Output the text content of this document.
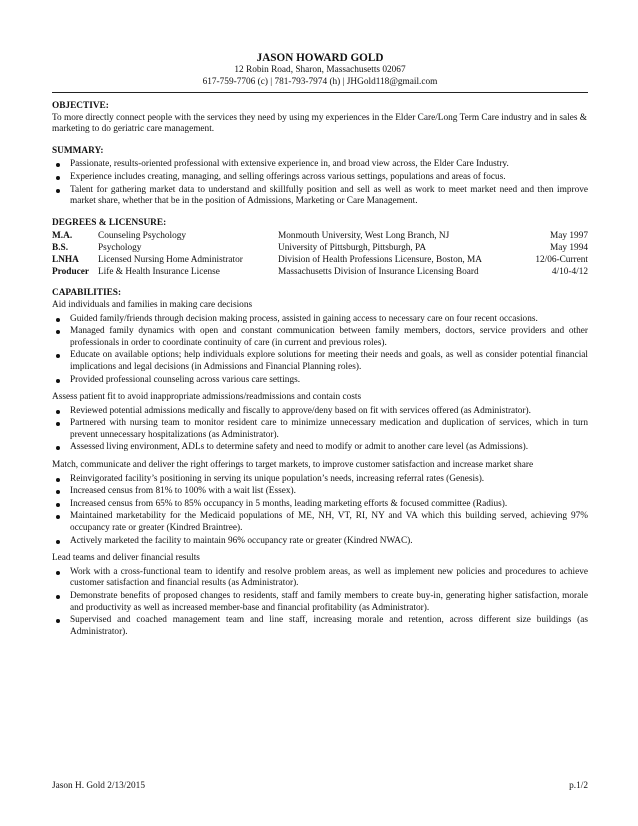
JASON HOWARD GOLD
12 Robin Road, Sharon, Massachusetts 02067
617-759-7706 (c) | 781-793-7974 (h) | JHGold118@gmail.com
OBJECTIVE:
To more directly connect people with the services they need by using my experiences in the Elder Care/Long Term Care industry and in sales & marketing to do geriatric care management.
SUMMARY:
Passionate, results-oriented professional with extensive experience in, and broad view across, the Elder Care Industry.
Experience includes creating, managing, and selling offerings across various settings, populations and areas of focus.
Talent for gathering market data to understand and skillfully position and sell as well as work to meet market need and then improve market share, whether that be in the position of Admissions, Marketing or Care Management.
DEGREES & LICENSURE:
M.A.	Counseling Psychology	Monmouth University, West Long Branch, NJ	May 1997
B.S.	Psychology	University of Pittsburgh, Pittsburgh, PA	May 1994
LNHA	Licensed Nursing Home Administrator	Division of Health Professions Licensure, Boston, MA	12/06-Current
Producer	Life & Health Insurance License	Massachusetts Division of Insurance Licensing Board	4/10-4/12
CAPABILITIES:
Aid individuals and families in making care decisions
Guided family/friends through decision making process, assisted in gaining access to necessary care on four recent occasions.
Managed family dynamics with open and constant communication between family members, doctors, service providers and other professionals in order to coordinate continuity of care (in current and previous roles).
Educate on available options; help individuals explore solutions for meeting their needs and goals, as well as consider potential financial implications and legal decisions (in Admissions and Financial Planning roles).
Provided professional counseling across various care settings.
Assess patient fit to avoid inappropriate admissions/readmissions and contain costs
Reviewed potential admissions medically and fiscally to approve/deny based on fit with services offered (as Administrator).
Partnered with nursing team to monitor resident care to minimize unnecessary medication and duplication of services, which in turn prevent unnecessary hospitalizations (as Administrator).
Assessed living environment, ADLs to determine safety and need to modify or admit to another care level (as Admissions).
Match, communicate and deliver the right offerings to target markets, to improve customer satisfaction and increase market share
Reinvigorated facility’s positioning in serving its unique population’s needs, increasing referral rates (Genesis).
Increased census from 81% to 100% with a wait list (Essex).
Increased census from 65% to 85% occupancy in 5 months, leading marketing efforts & focused committee (Radius).
Maintained marketability for the Medicaid populations of ME, NH, VT, RI, NY and VA which this building served, achieving 97% occupancy rate or greater (Kindred Braintree).
Actively marketed the facility to maintain 96% occupancy rate or greater (Kindred NWAC).
Lead teams and deliver financial results
Work with a cross-functional team to identify and resolve problem areas, as well as implement new policies and procedures to achieve customer satisfaction and financial results (as Administrator).
Demonstrate benefits of proposed changes to residents, staff and family members to create buy-in, generating higher satisfaction, morale and productivity as well as increased member-base and financial profitability (as Administrator).
Supervised and coached management team and line staff, increasing morale and retention, across different size buildings (as Administrator).
Jason H. Gold 2/13/2015	p.1/2
